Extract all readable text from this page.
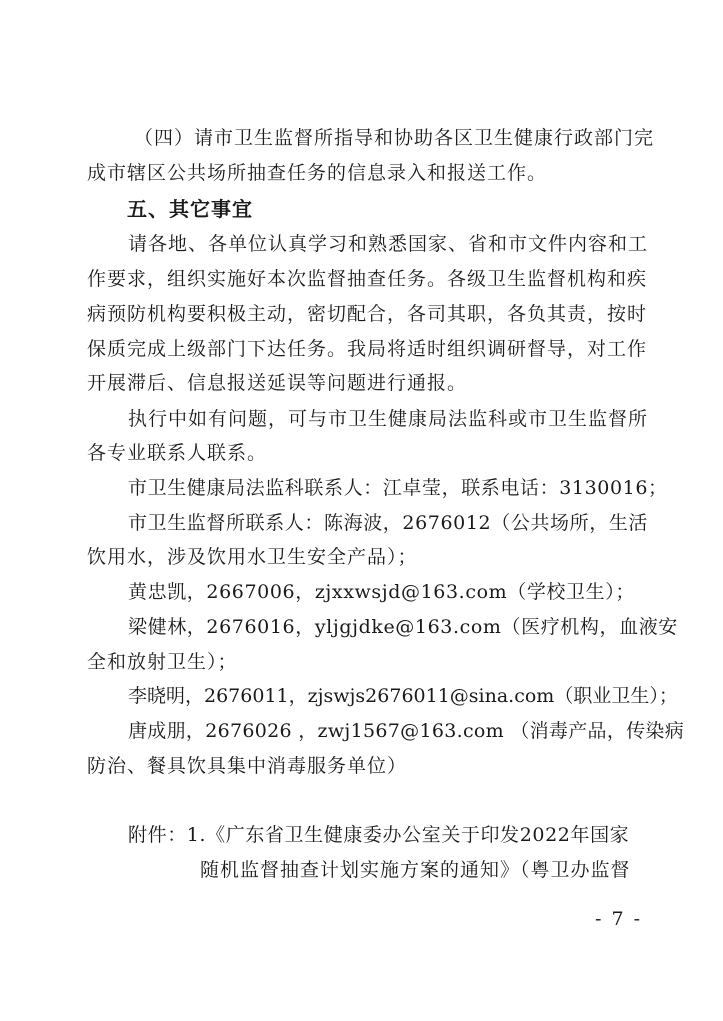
（四）请市卫生监督所指导和协助各区卫生健康行政部门完
成市辖区公共场所抽查任务的信息录入和报送工作。
五、其它事宜
请各地、各单位认真学习和熟悉国家、省和市文件内容和工
作要求，组织实施好本次监督抽查任务。各级卫生监督机构和疾
病预防机构要积极主动，密切配合，各司其职，各负其责，按时
保质完成上级部门下达任务。我局将适时组织调研督导，对工作
开展滞后、信息报送延误等问题进行通报。
执行中如有问题，可与市卫生健康局法监科或市卫生监督所
各专业联系人联系。
市卫生健康局法监科联系人：江卓莹，联系电话：3130016；
市卫生监督所联系人：陈海波，2676012（公共场所，生活
饮用水，涉及饮用水卫生安全产品）；
黄忠凯，2667006，zjxxwsjd@163.com（学校卫生）；
梁健林，2676016，yljgjdke@163.com（医疗机构，血液安
全和放射卫生）；
李晓明，2676011，zjswjs2676011@sina.com（职业卫生）；
唐成朋，2676026 ，zwj1567@163.com （消毒产品，传染病
防治、餐具饮具集中消毒服务单位）
附件：1.《广东省卫生健康委办公室关于印发2022年国家
随机监督抽查计划实施方案的通知》（粤卫办监督
- 7 -
